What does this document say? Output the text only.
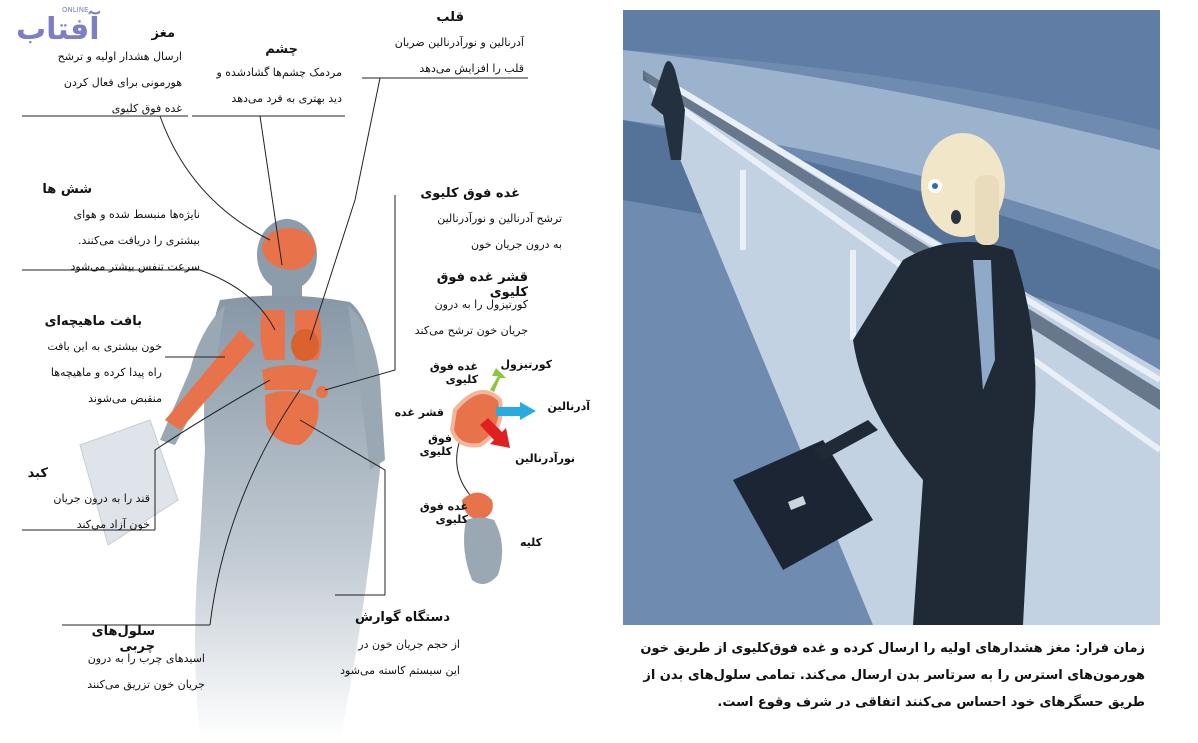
ONLINE
آفتاب	مغز
ارسال هشدار اولیه و ترشح
هورمونی برای فعال کردن
غده فوق کلیوی
چشم
مردمک چشم‌ها گشادشده و
دید بهتری به فرد می‌دهد
قلب
آدرنالین و نورآدرنالین ضربان
قلب را افزایش می‌دهد
شش ها
نایژه‌ها منبسط شده و هوای
بیشتری را دریافت می‌کنند.
سرعت تنفس بیشتر می‌شود
غده فوق کلیوی
ترشح آدرنالین و نورآدرنالین
به درون جریان خون
قشر غده فوق کلیوی
کورتیزول را به درون
جریان خون ترشح می‌کند
بافت ماهیچه‌ای
خون بیشتری به این بافت
راه پیدا کرده و ماهیچه‌ها
منقبض می‌شوند
کبد
قند را به درون جریان
خون آزاد می‌کند
سلول‌های چربی
اسیدهای چرب را به درون
جریان خون تزریق می‌کنند
دستگاه گوارش
از حجم جریان خون در
این سیستم کاسته می‌شود
غده فوق کلیوی
قشر غده
فوق کلیوی
کورتیزول
آدرنالین
نورآدرنالین
غده فوق کلیوی
کلیه
زمان فرار: مغز هشدارهای اولیه را ارسال کرده و غده فوق‌کلیوی از طریق خون هورمون‌های استرس را به سرتاسر بدن ارسال می‌کند. تمامی سلول‌های بدن از طریق حسگرهای خود احساس می‌کنند اتفاقی در شرف وقوع است.
